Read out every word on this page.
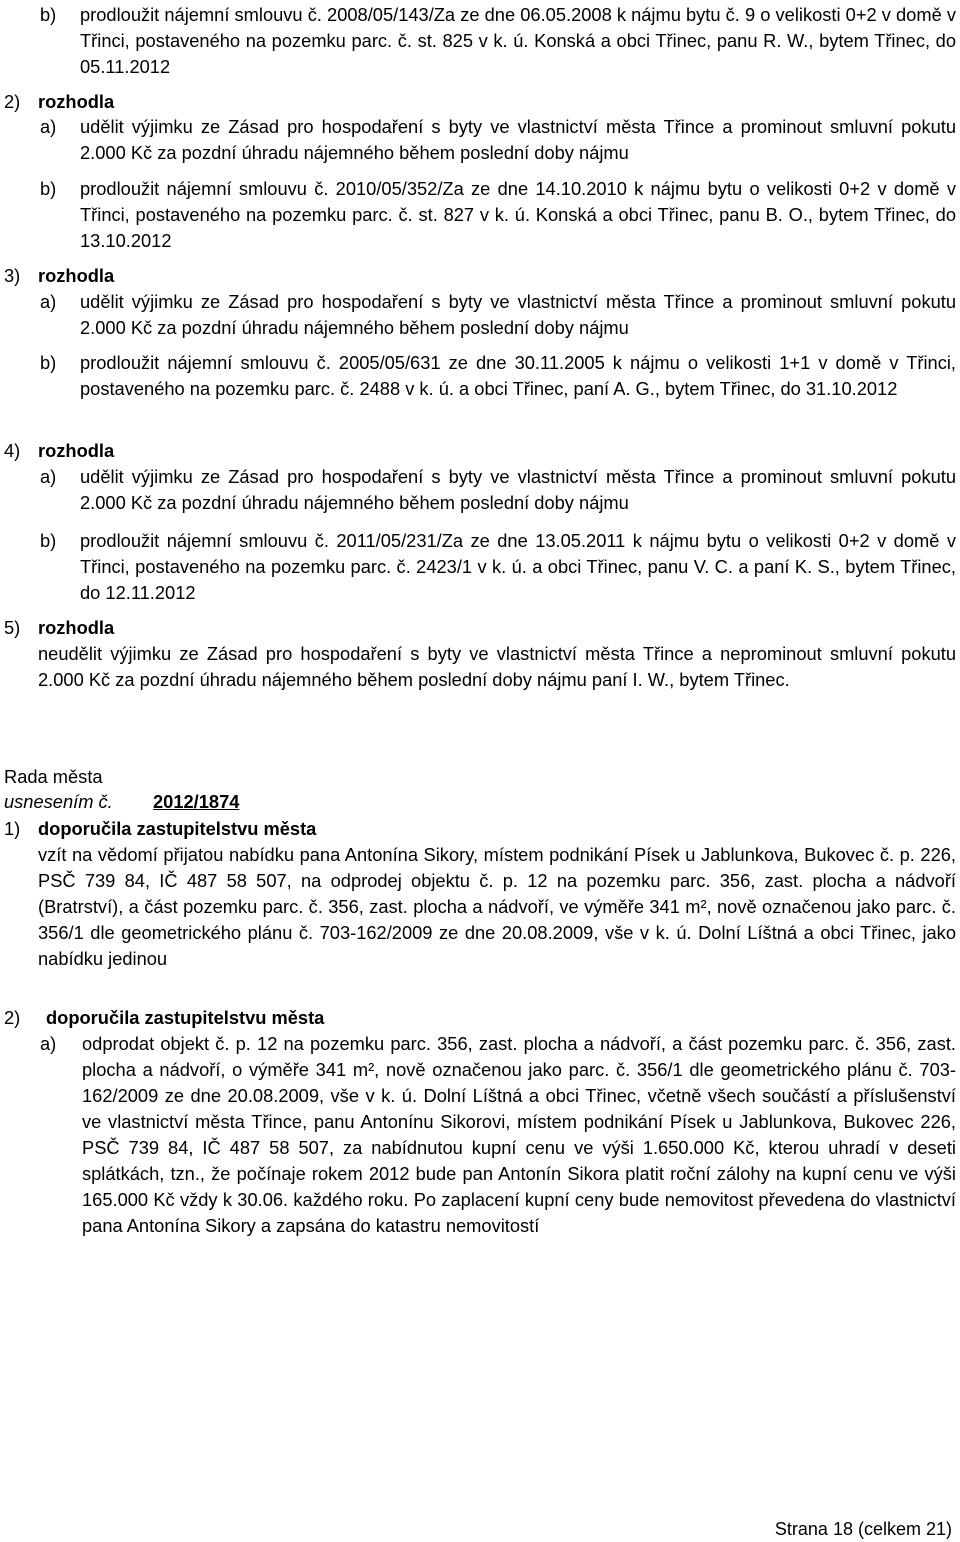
b) prodloužit nájemní smlouvu č. 2008/05/143/Za ze dne 06.05.2008 k nájmu bytu č. 9 o velikosti 0+2 v domě v Třinci, postaveného na pozemku parc. č. st. 825 v k. ú. Konská a obci Třinec, panu R. W., bytem Třinec, do 05.11.2012
2) rozhodla
a) udělit výjimku ze Zásad pro hospodaření s byty ve vlastnictví města Třince a prominout smluvní pokutu 2.000 Kč za pozdní úhradu nájemného během poslední doby nájmu
b) prodloužit nájemní smlouvu č. 2010/05/352/Za ze dne 14.10.2010 k nájmu bytu o velikosti 0+2 v domě v Třinci, postaveného na pozemku parc. č. st. 827 v k. ú. Konská a obci Třinec, panu B. O., bytem Třinec, do 13.10.2012
3) rozhodla
a) udělit výjimku ze Zásad pro hospodaření s byty ve vlastnictví města Třince a prominout smluvní pokutu 2.000 Kč za pozdní úhradu nájemného během poslední doby nájmu
b) prodloužit nájemní smlouvu č. 2005/05/631 ze dne 30.11.2005 k nájmu o velikosti 1+1 v domě v Třinci, postaveného na pozemku parc. č. 2488 v k. ú. a obci Třinec, paní A. G., bytem Třinec, do 31.10.2012
4) rozhodla
a) udělit výjimku ze Zásad pro hospodaření s byty ve vlastnictví města Třince a prominout smluvní pokutu 2.000 Kč za pozdní úhradu nájemného během poslední doby nájmu
b) prodloužit nájemní smlouvu č. 2011/05/231/Za ze dne 13.05.2011 k nájmu bytu o velikosti 0+2 v domě v Třinci, postaveného na pozemku parc. č. 2423/1 v k. ú. a obci Třinec, panu V. C. a paní K. S., bytem Třinec, do 12.11.2012
5) rozhodla
neudělit výjimku ze Zásad pro hospodaření s byty ve vlastnictví města Třince a neprominout smluvní pokutu 2.000 Kč za pozdní úhradu nájemného během poslední doby nájmu paní I. W., bytem Třinec.
Rada města
usnesením č. 2012/1874
1) doporučila zastupitelstvu města
vzít na vědomí přijatou nabídku pana Antonína Sikory, místem podnikání Písek u Jablunkova, Bukovec č. p. 226, PSČ 739 84, IČ 487 58 507, na odprodej objektu č. p. 12 na pozemku parc. 356, zast. plocha a nádvoří (Bratrství), a část pozemku parc. č. 356, zast. plocha a nádvoří, ve výměře 341 m², nově označenou jako parc. č. 356/1 dle geometrického plánu č. 703-162/2009 ze dne 20.08.2009, vše v k. ú. Dolní Líštná a obci Třinec, jako nabídku jedinou
2) doporučila zastupitelstvu města
a) odprodat objekt č. p. 12 na pozemku parc. 356, zast. plocha a nádvoří, a část pozemku parc. č. 356, zast. plocha a nádvoří, o výměře 341 m², nově označenou jako parc. č. 356/1 dle geometrického plánu č. 703-162/2009 ze dne 20.08.2009, vše v k. ú. Dolní Líštná a obci Třinec, včetně všech součástí a příslušenství ve vlastnictví města Třince, panu Antonínu Sikorovi, místem podnikání Písek u Jablunkova, Bukovec 226, PSČ 739 84, IČ 487 58 507, za nabídnutou kupní cenu ve výši 1.650.000 Kč, kterou uhradí v deseti splátkách, tzn., že počínaje rokem 2012 bude pan Antonín Sikora platit roční zálohy na kupní cenu ve výši 165.000 Kč vždy k 30.06. každého roku. Po zaplacení kupní ceny bude nemovitost převedena do vlastnictví pana Antonína Sikory a zapsána do katastru nemovitostí
Strana 18 (celkem 21)
